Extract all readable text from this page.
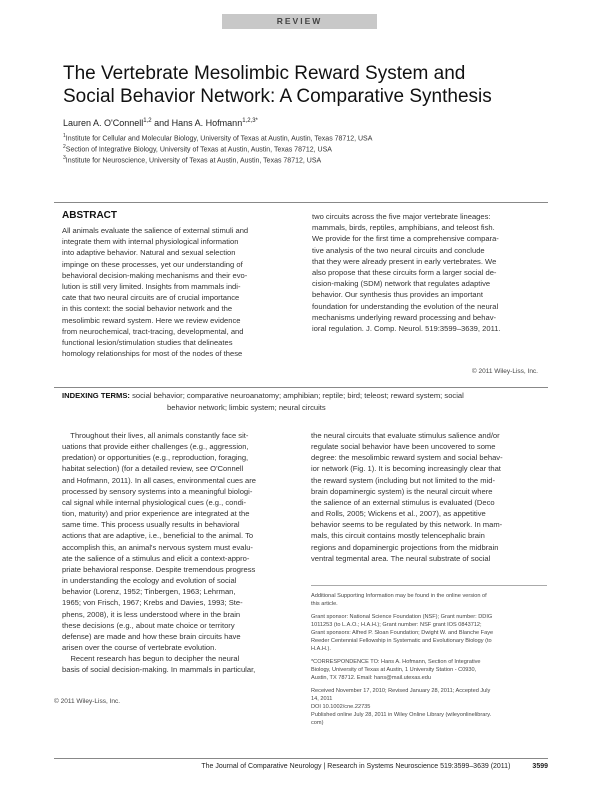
REVIEW
The Vertebrate Mesolimbic Reward System and
Social Behavior Network: A Comparative Synthesis
Lauren A. O'Connell$^{1,2}$ and Hans A. Hofmann$^{1,2,3*}$
$^1$Institute for Cellular and Molecular Biology, University of Texas at Austin, Austin, Texas 78712, USA
$^2$Section of Integrative Biology, University of Texas at Austin, Austin, Texas 78712, USA
$^3$Institute for Neuroscience, University of Texas at Austin, Austin, Texas 78712, USA
ABSTRACT
All animals evaluate the salience of external stimuli and
integrate them with internal physiological information
into adaptive behavior. Natural and sexual selection
impinge on these processes, yet our understanding of
behavioral decision-making mechanisms and their evo-
lution is still very limited. Insights from mammals indi-
cate that two neural circuits are of crucial importance
in this context: the social behavior network and the
mesolimbic reward system. Here we review evidence
from neurochemical, tract-tracing, developmental, and
functional lesion/stimulation studies that delineates
homology relationships for most of the nodes of these
two circuits across the five major vertebrate lineages:
mammals, birds, reptiles, amphibians, and teleost fish.
We provide for the first time a comprehensive compara-
tive analysis of the two neural circuits and conclude
that they were already present in early vertebrates. We
also propose that these circuits form a larger social de-
cision-making (SDM) network that regulates adaptive
behavior. Our synthesis thus provides an important
foundation for understanding the evolution of the neural
mechanisms underlying reward processing and behav-
ioral regulation. J. Comp. Neurol. 519:3599–3639, 2011.
© 2011 Wiley-Liss, Inc.
INDEXING TERMS: social behavior; comparative neuroanatomy; amphibian; reptile; bird; teleost; reward system; social
behavior network; limbic system; neural circuits
Throughout their lives, all animals constantly face sit-
uations that provide either challenges (e.g., aggression,
predation) or opportunities (e.g., reproduction, foraging,
habitat selection) (for a detailed review, see O'Connell
and Hofmann, 2011). In all cases, environmental cues are
processed by sensory systems into a meaningful biologi-
cal signal while internal physiological cues (e.g., condi-
tion, maturity) and prior experience are integrated at the
same time. This process usually results in behavioral
actions that are adaptive, i.e., beneficial to the animal. To
accomplish this, an animal's nervous system must evalu-
ate the salience of a stimulus and elicit a context-appro-
priate behavioral response. Despite tremendous progress
in understanding the ecology and evolution of social
behavior (Lorenz, 1952; Tinbergen, 1963; Lehrman,
1965; von Frisch, 1967; Krebs and Davies, 1993; Ste-
phens, 2008), it is less understood where in the brain
these decisions (e.g., about mate choice or territory
defense) are made and how these brain circuits have
arisen over the course of vertebrate evolution.
Recent research has begun to decipher the neural
basis of social decision-making. In mammals in particular,
© 2011 Wiley-Liss, Inc.
the neural circuits that evaluate stimulus salience and/or
regulate social behavior have been uncovered to some
degree: the mesolimbic reward system and social behav-
ior network (Fig. 1). It is becoming increasingly clear that
the reward system (including but not limited to the mid-
brain dopaminergic system) is the neural circuit where
the salience of an external stimulus is evaluated (Deco
and Rolls, 2005; Wickens et al., 2007), as appetitive
behavior seems to be regulated by this network. In mam-
mals, this circuit contains mostly telencephalic brain
regions and dopaminergic projections from the midbrain
ventral tegmental area. The neural substrate of social
Additional Supporting Information may be found in the online version of
this article.
Grant sponsor: National Science Foundation (NSF); Grant number: DDIG
1011253 (to L.A.O.; H.A.H.); Grant number: NSF grant IOS 0843712;
Grant sponsors: Alfred P. Sloan Foundation; Dwight W. and Blanche Faye
Reeder Centennial Fellowship in Systematic and Evolutionary Biology (to
H.A.H.).
*CORRESPONDENCE TO: Hans A. Hofmann, Section of Integrative
Biology, University of Texas at Austin, 1 University Station - C0930,
Austin, TX 78712. Email: hans@mail.utexas.edu
Received November 17, 2010; Revised January 28, 2011; Accepted July
14, 2011
DOI 10.1002/cne.22735
Published online July 28, 2011 in Wiley Online Library (wileyonlinelibrary.
com)
The Journal of Comparative Neurology | Research in Systems Neuroscience 519:3599–3639 (2011)	3599
